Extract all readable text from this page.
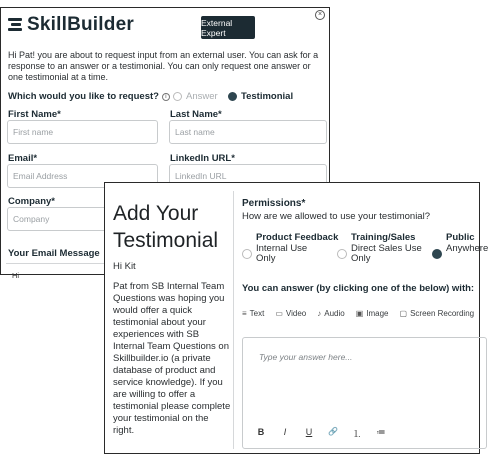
SkillBuilder	External Expert
×
Hi Pat! you are about to request input from an external user. You can ask for a response to an answer or a testimonial. You can only request one answer or one testimonial at a time.
Which would you like to request?	i	Answer Testimonial
First Name*
First name
Last Name*
Last name
Email*
Email Address
LinkedIn URL*
LinkedIn URL
Company*
Company
Your Email Message
Hi
Add Your Testimonial
Hi Kit
Pat from SB Internal Team Questions was hoping you would offer a quick testimonial about your experiences with SB Internal Team Questions on Skillbuilder.io (a private database of product and service knowledge). If you are willing to offer a testimonial please complete your testimonial on the right.
Permissions*
How are we allowed to use your testimonial?
Product Feedback
Internal Use Only
Training/Sales
Direct Sales Use Only
Public
Anywhere
You can answer (by clicking one of the below) with:
≡ Text ▭ Video ♪ Audio ▣ Image ▢ Screen Recording
Type your answer here...
B	I	U 🔗 ⒈ ≔
